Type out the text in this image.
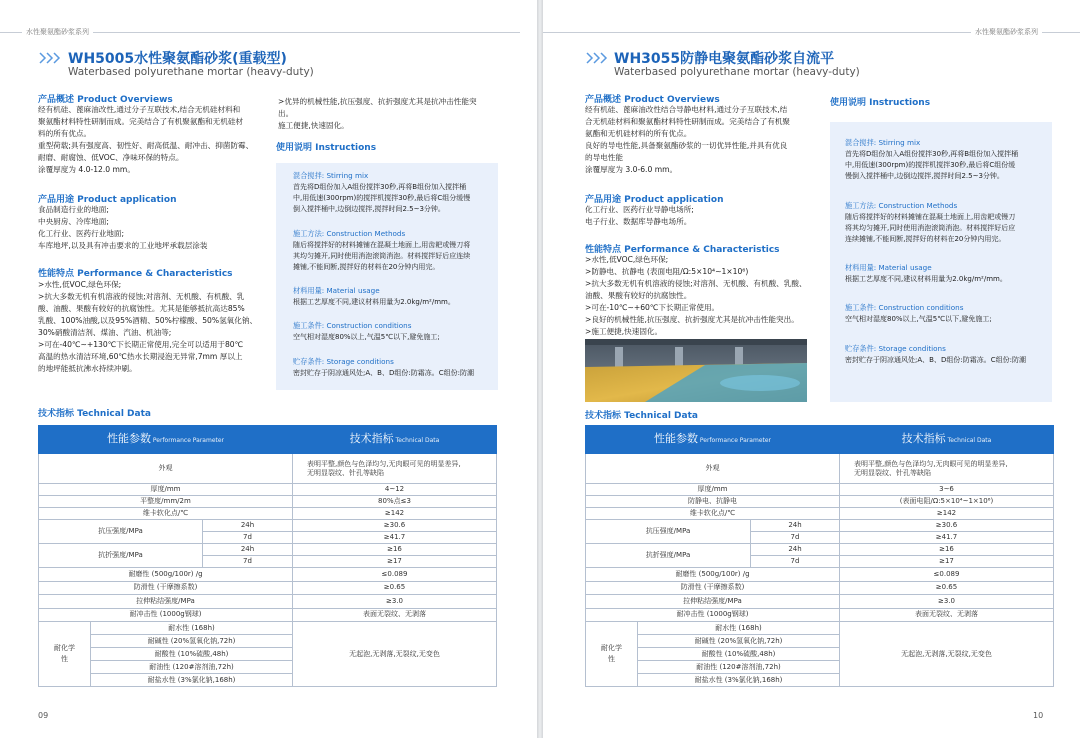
水性聚氨酯砂浆系列
WH5005水性聚氨酯砂浆(重载型)
Waterbased polyurethane mortar (heavy-duty)
产品概述 Product Overviews
经有机硅、蓖麻油改性,通过分子互联技术,结合无机硅材料和
聚氨酯材料特性研制而成。完美结合了有机聚氨酯和无机硅材
料的所有优点。
重型荷载;具有强度高、韧性好、耐高低温、耐冲击、抑菌防霉、
耐磨、耐腐蚀、低VOC、净味环保的特点。
涂覆厚度为 4.0-12.0 mm。
产品用途 Product application
食品制造行业的地面;
中央厨房、冷库地面;
化工行业、医药行业地面;
车库地坪,以及具有冲击要求的工业地坪承载层涂装
性能特点 Performance & Characteristics
>水性,低VOC,绿色环保;
>抗大多数无机有机溶液的侵蚀;对溶剂、无机酸、有机酸、乳
酸、油酸、果酸有较好的抗腐蚀性。尤其是能够抵抗高达85%
乳酸、100%油酸,以及95%酒精、50%柠檬酸、50%氢氧化钠、
30%硝酸清洁剂、煤油、汽油、机油等;
>可在-40℃~+130℃下长期正常使用,完全可以适用于80℃
高温的热水清洁环境,60℃热水长期浸泡无异常,7mm 厚以上
的地坪能抵抗沸水持续冲刷。
>优异的机械性能,抗压强度、抗折强度尤其是抗冲击性能突
出。
施工便捷,快速固化。
使用说明 Instructions
混合搅拌: Stirring mix
首先将D组份加入A组份搅拌30秒,再将B组份加入搅拌桶
中,用低速(300rpm)的搅拌机搅拌30秒,最后将C组分缓慢
倒入搅拌桶中,边倒边搅拌,搅拌时间2.5~3分钟。
施工方法: Construction Methods
随后将搅拌好的材料摊铺在混凝土地面上,用齿耙或镘刀将
其均匀摊开,同时使用消泡滚筒消泡。材料搅拌好后应连续
摊铺,不能间断,搅拌好的材料在20分钟内用完。
材料用量: Material usage
根据工艺厚度不同,建议材料用量为2.0kg/m²/mm。
施工条件: Construction conditions
空气相对湿度80%以上,气温5℃以下,避免施工;
贮存条件: Storage conditions
密封贮存于阴凉通风处;A、B、D组份:防霜冻。C组份:防潮
技术指标 Technical Data
性能参数 Performance Parameter			技术指标 Technical Data
外观			表明平整,颜色与色泽均匀,无肉眼可见的明显差异,
无明显裂纹、针孔等缺陷

厚度/mm			4~12
平整度/mm/2m			80%点≤3
维卡软化点/℃			≥142
抗压强度/MPa		24h	≥30.6
		7d	≥41.7
抗折强度/MPa		24h	≥16
		7d	≥17
耐磨性 (500g/100r) /g			≤0.089
防滑性 (干摩擦系数)			≥0.65
拉伸粘结强度/MPa			≥3.0
耐冲击性 (1000g钢球)			表面无裂纹、无剥落
耐化学性	耐水性 (168h)		无起泡,无剥落,无裂纹,无变色
	耐碱性 (20%氢氧化钠,72h)		
	耐酸性 (10%硫酸,48h)		
	耐油性 (120#溶剂油,72h)		
	耐盐水性 (3%氯化钠,168h)		
09
水性聚氨酯砂浆系列
WH3055防静电聚氨酯砂浆自流平
Waterbased polyurethane mortar (heavy-duty)
产品概述 Product Overviews
经有机硅、蓖麻油改性结合导静电材料,通过分子互联技术,结
合无机硅材料和聚氨酯材料特性研制而成。完美结合了有机聚
氨酯和无机硅材料的所有优点。
良好的导电性能,具备聚氨酯砂浆的一切优异性能,并具有优良
的导电性能
涂覆厚度为 3.0-6.0 mm。
产品用途 Product application
化工行业、医药行业导静电场所;
电子行业、数据库导静电场所。
性能特点 Performance & Characteristics
>水性,低VOC,绿色环保;
>防静电、抗静电 (表面电阻/Ω:5×10⁴~1×10⁶)
>抗大多数无机有机溶液的侵蚀;对溶剂、无机酸、有机酸、乳酸、
油酸、果酸有较好的抗腐蚀性。
>可在-10℃~+60℃下长期正常使用。
>良好的机械性能,抗压强度、抗折强度尤其是抗冲击性能突出。
>施工便捷,快速固化。
使用说明 Instructions
混合搅拌: Stirring mix
首先将D组份加入A组份搅拌30秒,再将B组份加入搅拌桶
中,用低速(300rpm)的搅拌机搅拌30秒,最后将C组份缓
慢倒入搅拌桶中,边倒边搅拌,搅拌时间2.5~3分钟。
施工方法: Construction Methods
随后将搅拌好的材料摊铺在混凝土地面上,用齿耙或镘刀
将其均匀摊开,同时使用消泡滚筒消泡。材料搅拌好后应
连续摊铺,不能间断,搅拌好的材料在20分钟内用完。
材料用量: Material usage
根据工艺厚度不同,建议材料用量为2.0kg/m²/mm。
施工条件: Construction conditions
空气相对湿度80%以上,气温5℃以下,避免施工;
贮存条件: Storage conditions
密封贮存于阴凉通风处;A、B、D组份:防霜冻。C组份:防潮
技术指标 Technical Data
性能参数 Performance Parameter			技术指标 Technical Data
外观			表明平整,颜色与色泽均匀,无肉眼可见的明显差异,
无明显裂纹、针孔等缺陷

厚度/mm			3~6
防静电、抗静电			(表面电阻/Ω:5×10⁴~1×10⁶)
维卡软化点/℃			≥142
抗压强度/MPa		24h	≥30.6
		7d	≥41.7
抗折强度/MPa		24h	≥16
		7d	≥17
耐磨性 (500g/100r) /g			≤0.089
防滑性 (干摩擦系数)			≥0.65
拉伸粘结强度/MPa			≥3.0
耐冲击性 (1000g钢球)			表面无裂纹、无剥落
耐化学性	耐水性 (168h)		无起泡,无剥落,无裂纹,无变色
	耐碱性 (20%氢氧化钠,72h)		
	耐酸性 (10%硫酸,48h)		
	耐油性 (120#溶剂油,72h)		
	耐盐水性 (3%氯化钠,168h)		
10
